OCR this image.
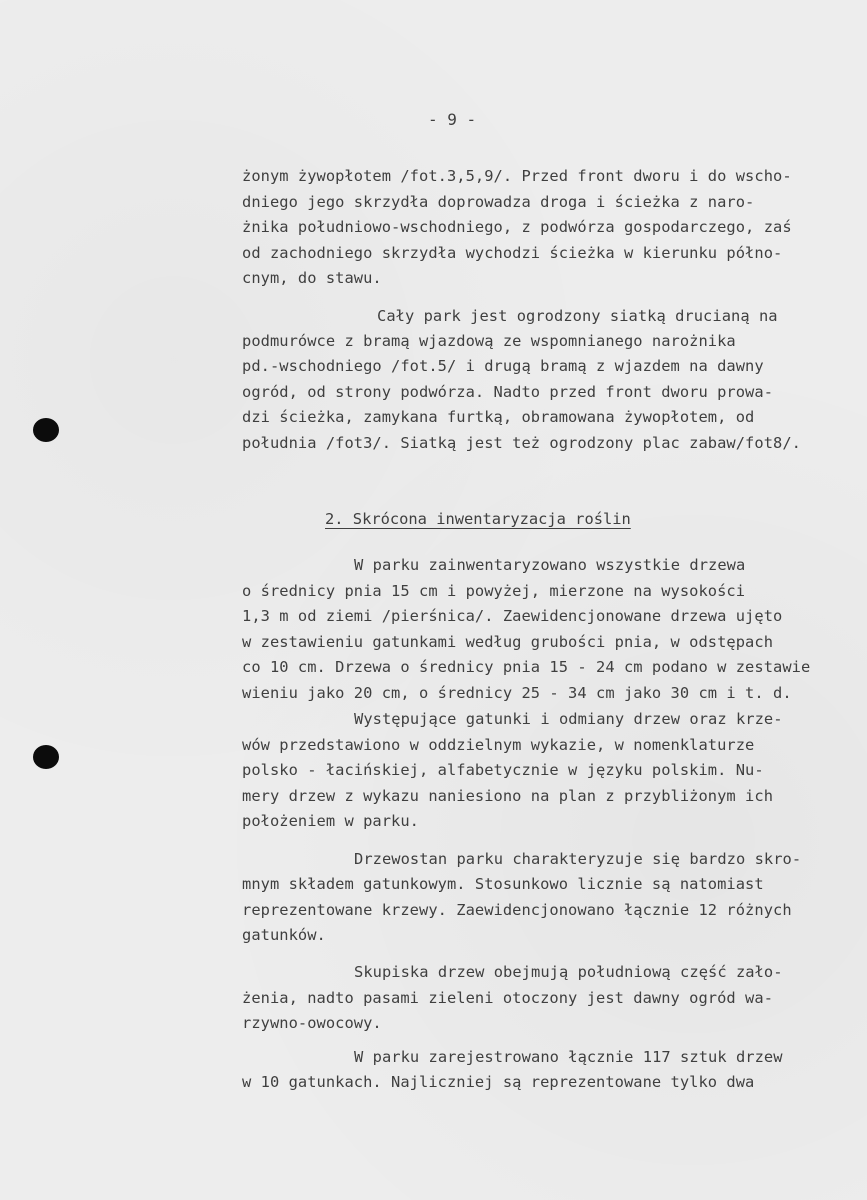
- 9 -
żonym żywopłotem /fot.3,5,9/. Przed front dworu i do wscho-
dniego jego skrzydła doprowadza droga i ścieżka z naro-
żnika południowo-wschodniego, z podwórza gospodarczego, zaś
od zachodniego skrzydła wychodzi ścieżka w kierunku półno-
cnym, do stawu.
Cały park jest ogrodzony siatką drucianą na
podmurówce z bramą wjazdową ze wspomnianego narożnika
pd.-wschodniego /fot.5/ i drugą bramą z wjazdem na dawny
ogród, od strony podwórza. Nadto przed front dworu prowa-
dzi ścieżka, zamykana furtką, obramowana żywopłotem, od
południa /fot3/. Siatką jest też ogrodzony plac zabaw/fot8/.
2. Skrócona inwentaryzacja roślin
W parku zainwentaryzowano wszystkie drzewa
o średnicy pnia 15 cm i powyżej, mierzone na wysokości
1,3 m od ziemi /pierśnica/. Zaewidencjonowane drzewa ujęto
w zestawieniu gatunkami według grubości pnia, w odstępach
co 10 cm. Drzewa o średnicy pnia 15 - 24 cm podano w zestawie
wieniu jako 20 cm, o średnicy 25 - 34 cm jako 30 cm i t. d.
Występujące gatunki i odmiany drzew oraz krze-
wów przedstawiono w oddzielnym wykazie, w nomenklaturze
polsko - łacińskiej, alfabetycznie w języku polskim. Nu-
mery drzew z wykazu naniesiono na plan z przybliżonym ich
położeniem w parku.
Drzewostan parku charakteryzuje się bardzo skro-
mnym składem gatunkowym. Stosunkowo licznie są natomiast
reprezentowane krzewy. Zaewidencjonowano łącznie 12 różnych
gatunków.
Skupiska drzew obejmują południową część zało-
żenia, nadto pasami zieleni otoczony jest dawny ogród wa-
rzywno-owocowy.
W parku zarejestrowano łącznie 117 sztuk drzew
w 10 gatunkach. Najliczniej są reprezentowane tylko dwa
